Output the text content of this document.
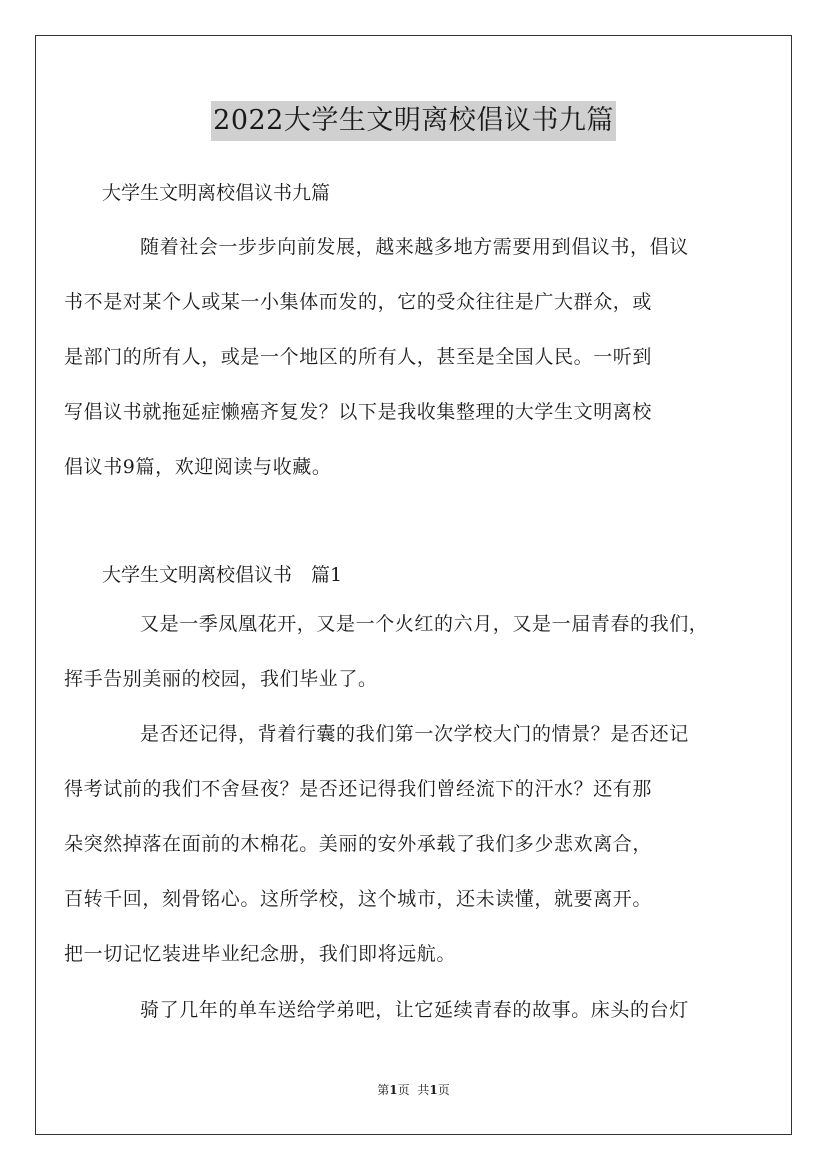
2022大学生文明离校倡议书九篇
大学生文明离校倡议书九篇
随着社会一步步向前发展，越来越多地方需要用到倡议书，倡议
书不是对某个人或某一小集体而发的，它的受众往往是广大群众，或
是部门的所有人，或是一个地区的所有人，甚至是全国人民。一听到
写倡议书就拖延症懒癌齐复发？以下是我收集整理的大学生文明离校
倡议书9篇，欢迎阅读与收藏。
大学生文明离校倡议书　篇1
又是一季凤凰花开，又是一个火红的六月，又是一届青春的我们，
挥手告别美丽的校园，我们毕业了。
是否还记得，背着行囊的我们第一次学校大门的情景？是否还记
得考试前的我们不舍昼夜？是否还记得我们曾经流下的汗水？还有那
朵突然掉落在面前的木棉花。美丽的安外承载了我们多少悲欢离合，
百转千回，刻骨铭心。这所学校，这个城市，还未读懂，就要离开。
把一切记忆装进毕业纪念册，我们即将远航。
骑了几年的单车送给学弟吧，让它延续青春的故事。床头的台灯
第1页 共1页
